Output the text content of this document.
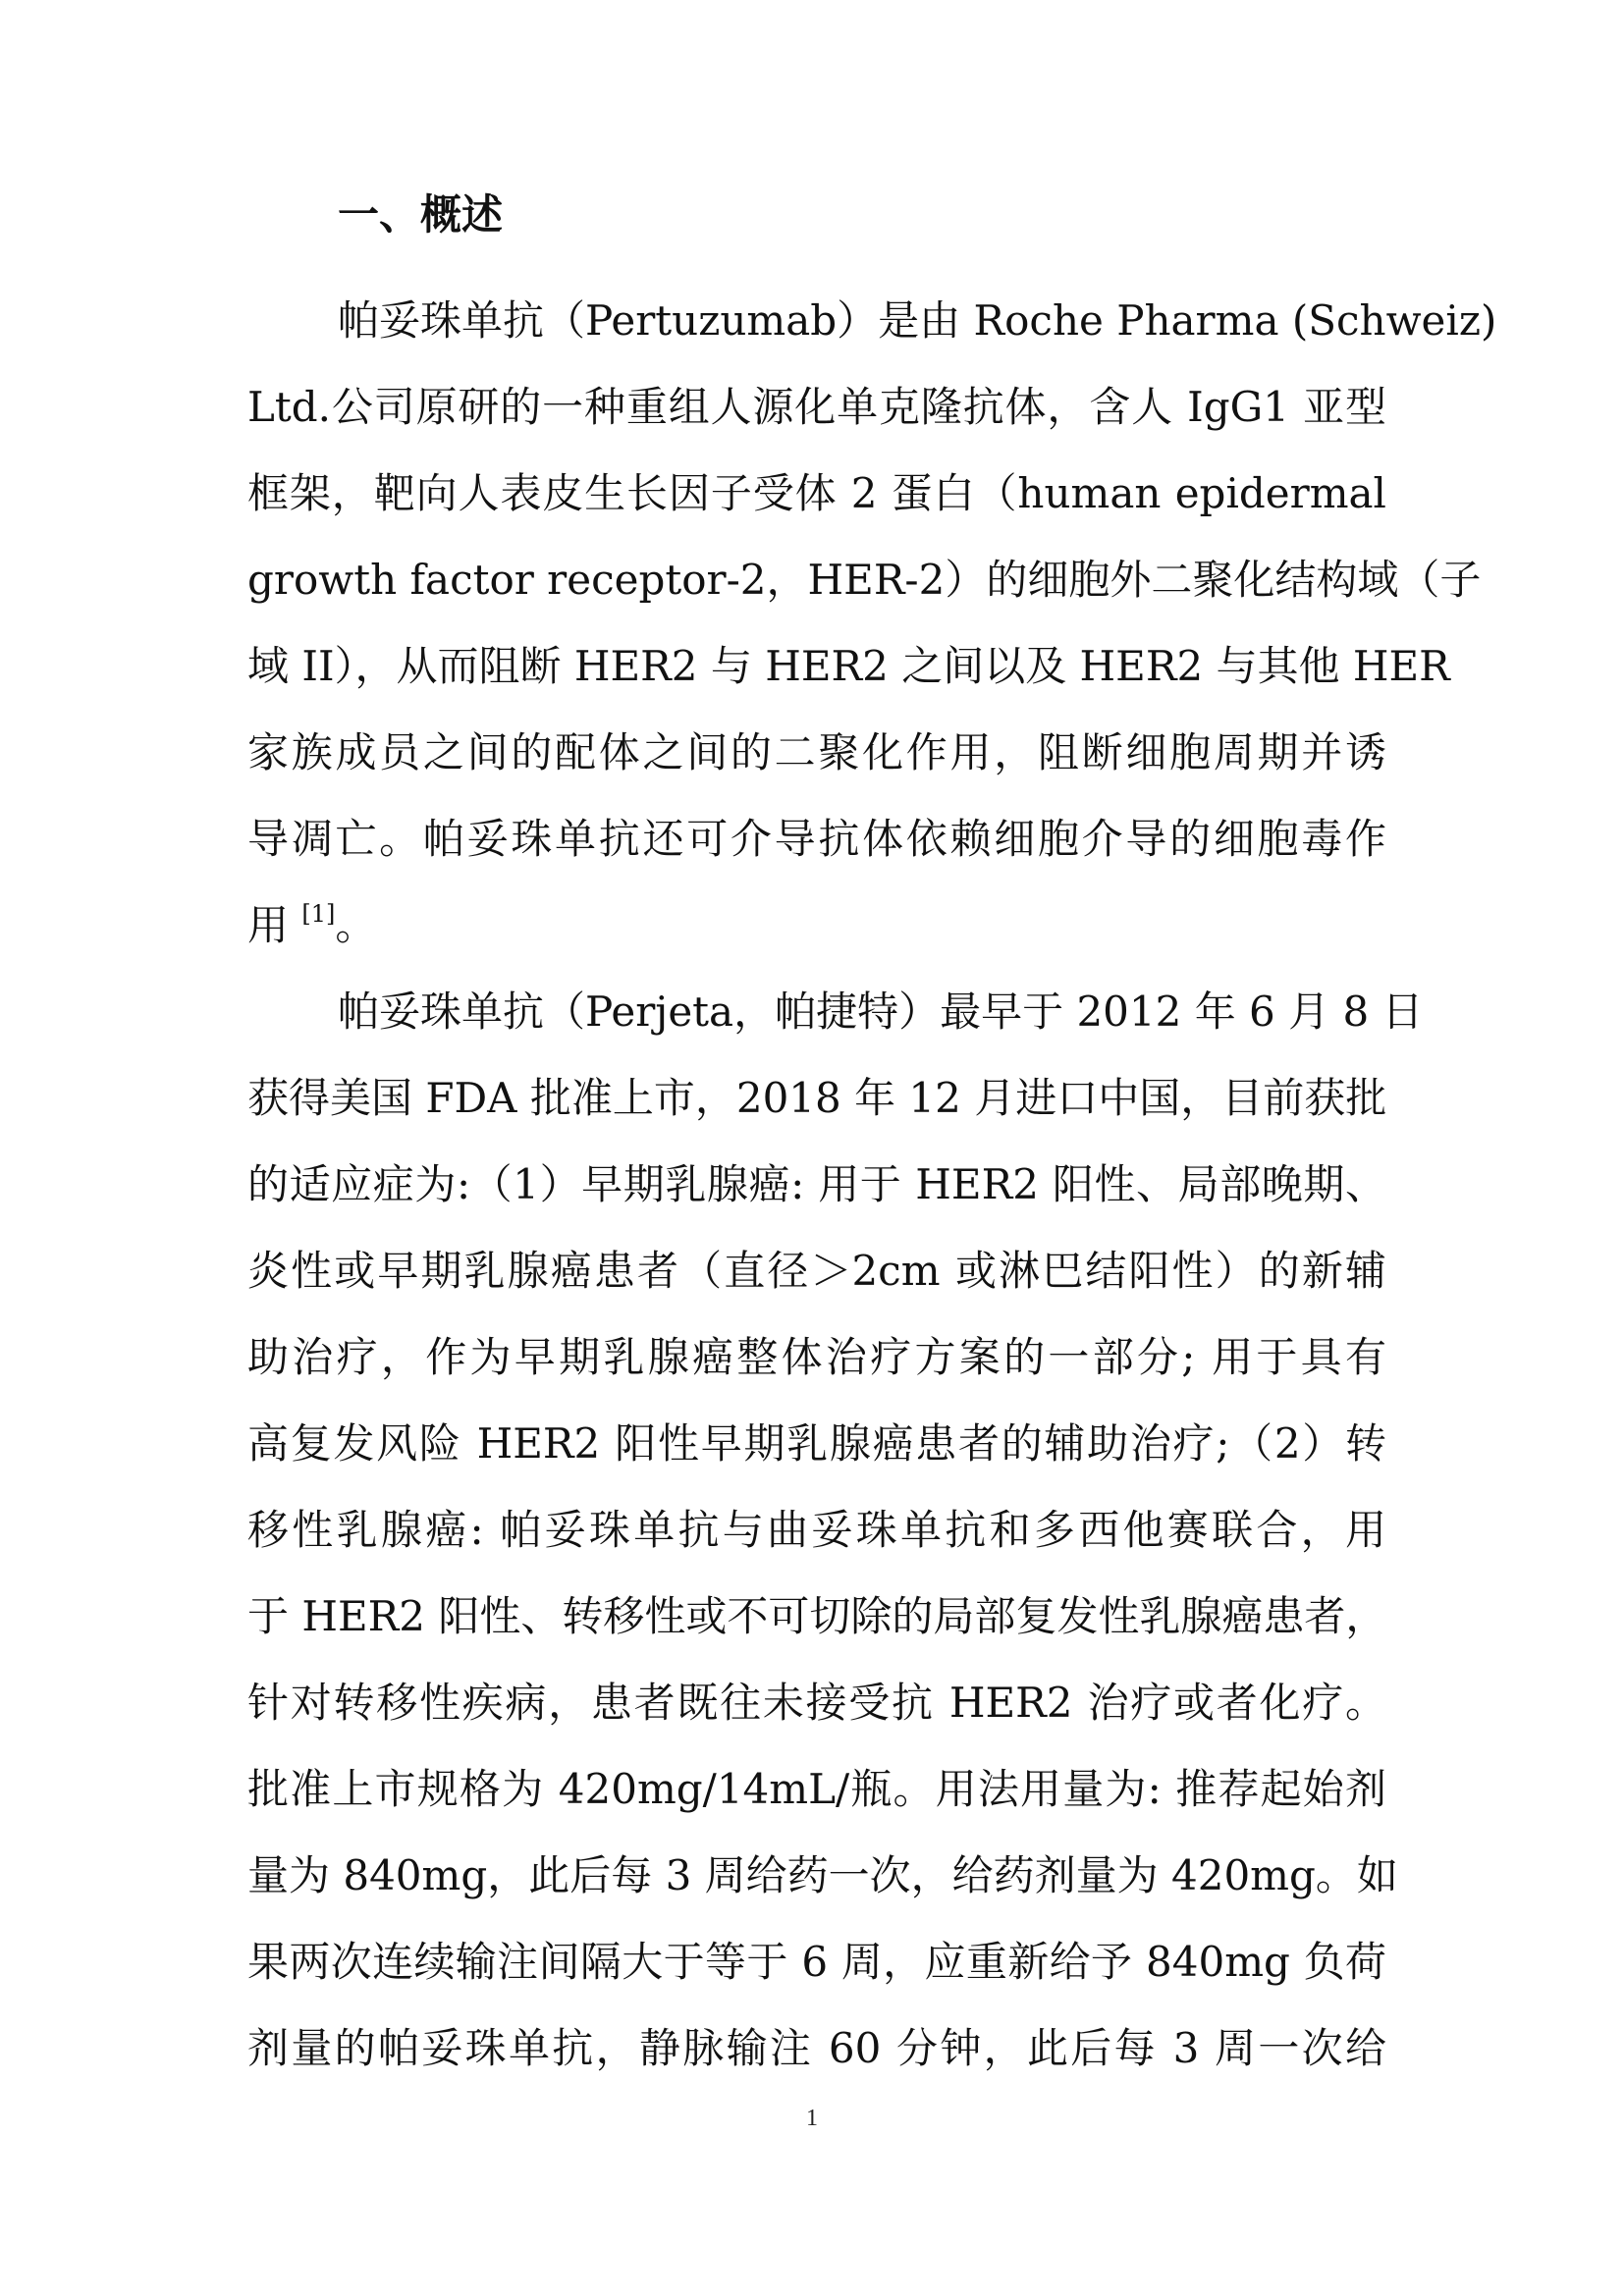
一、概述
帕妥珠单抗（Pertuzumab）是由 Roche Pharma (Schweiz)
Ltd.公司原研的一种重组人源化单克隆抗体，含人 IgG1 亚型
框架，靶向人表皮生长因子受体 2 蛋白（human epidermal
growth factor receptor-2，HER-2）的细胞外二聚化结构域（子
域 II），从而阻断 HER2 与 HER2 之间以及 HER2 与其他 HER
家族成员之间的配体之间的二聚化作用，阻断细胞周期并诱
导凋亡。帕妥珠单抗还可介导抗体依赖细胞介导的细胞毒作
用 [1]。
帕妥珠单抗（Perjeta，帕捷特）最早于 2012 年 6 月 8 日
获得美国 FDA 批准上市，2018 年 12 月进口中国，目前获批
的适应症为:（1）早期乳腺癌: 用于 HER2 阳性、局部晚期、
炎性或早期乳腺癌患者（直径＞2cm 或淋巴结阳性）的新辅
助治疗，作为早期乳腺癌整体治疗方案的一部分; 用于具有
高复发风险 HER2 阳性早期乳腺癌患者的辅助治疗;（2）转
移性乳腺癌: 帕妥珠单抗与曲妥珠单抗和多西他赛联合，用
于 HER2 阳性、转移性或不可切除的局部复发性乳腺癌患者，
针对转移性疾病，患者既往未接受抗 HER2 治疗或者化疗。
批准上市规格为 420mg/14mL/瓶。用法用量为: 推荐起始剂
量为 840mg，此后每 3 周给药一次，给药剂量为 420mg。如
果两次连续输注间隔大于等于 6 周，应重新给予 840mg 负荷
剂量的帕妥珠单抗，静脉输注 60 分钟，此后每 3 周一次给
1
